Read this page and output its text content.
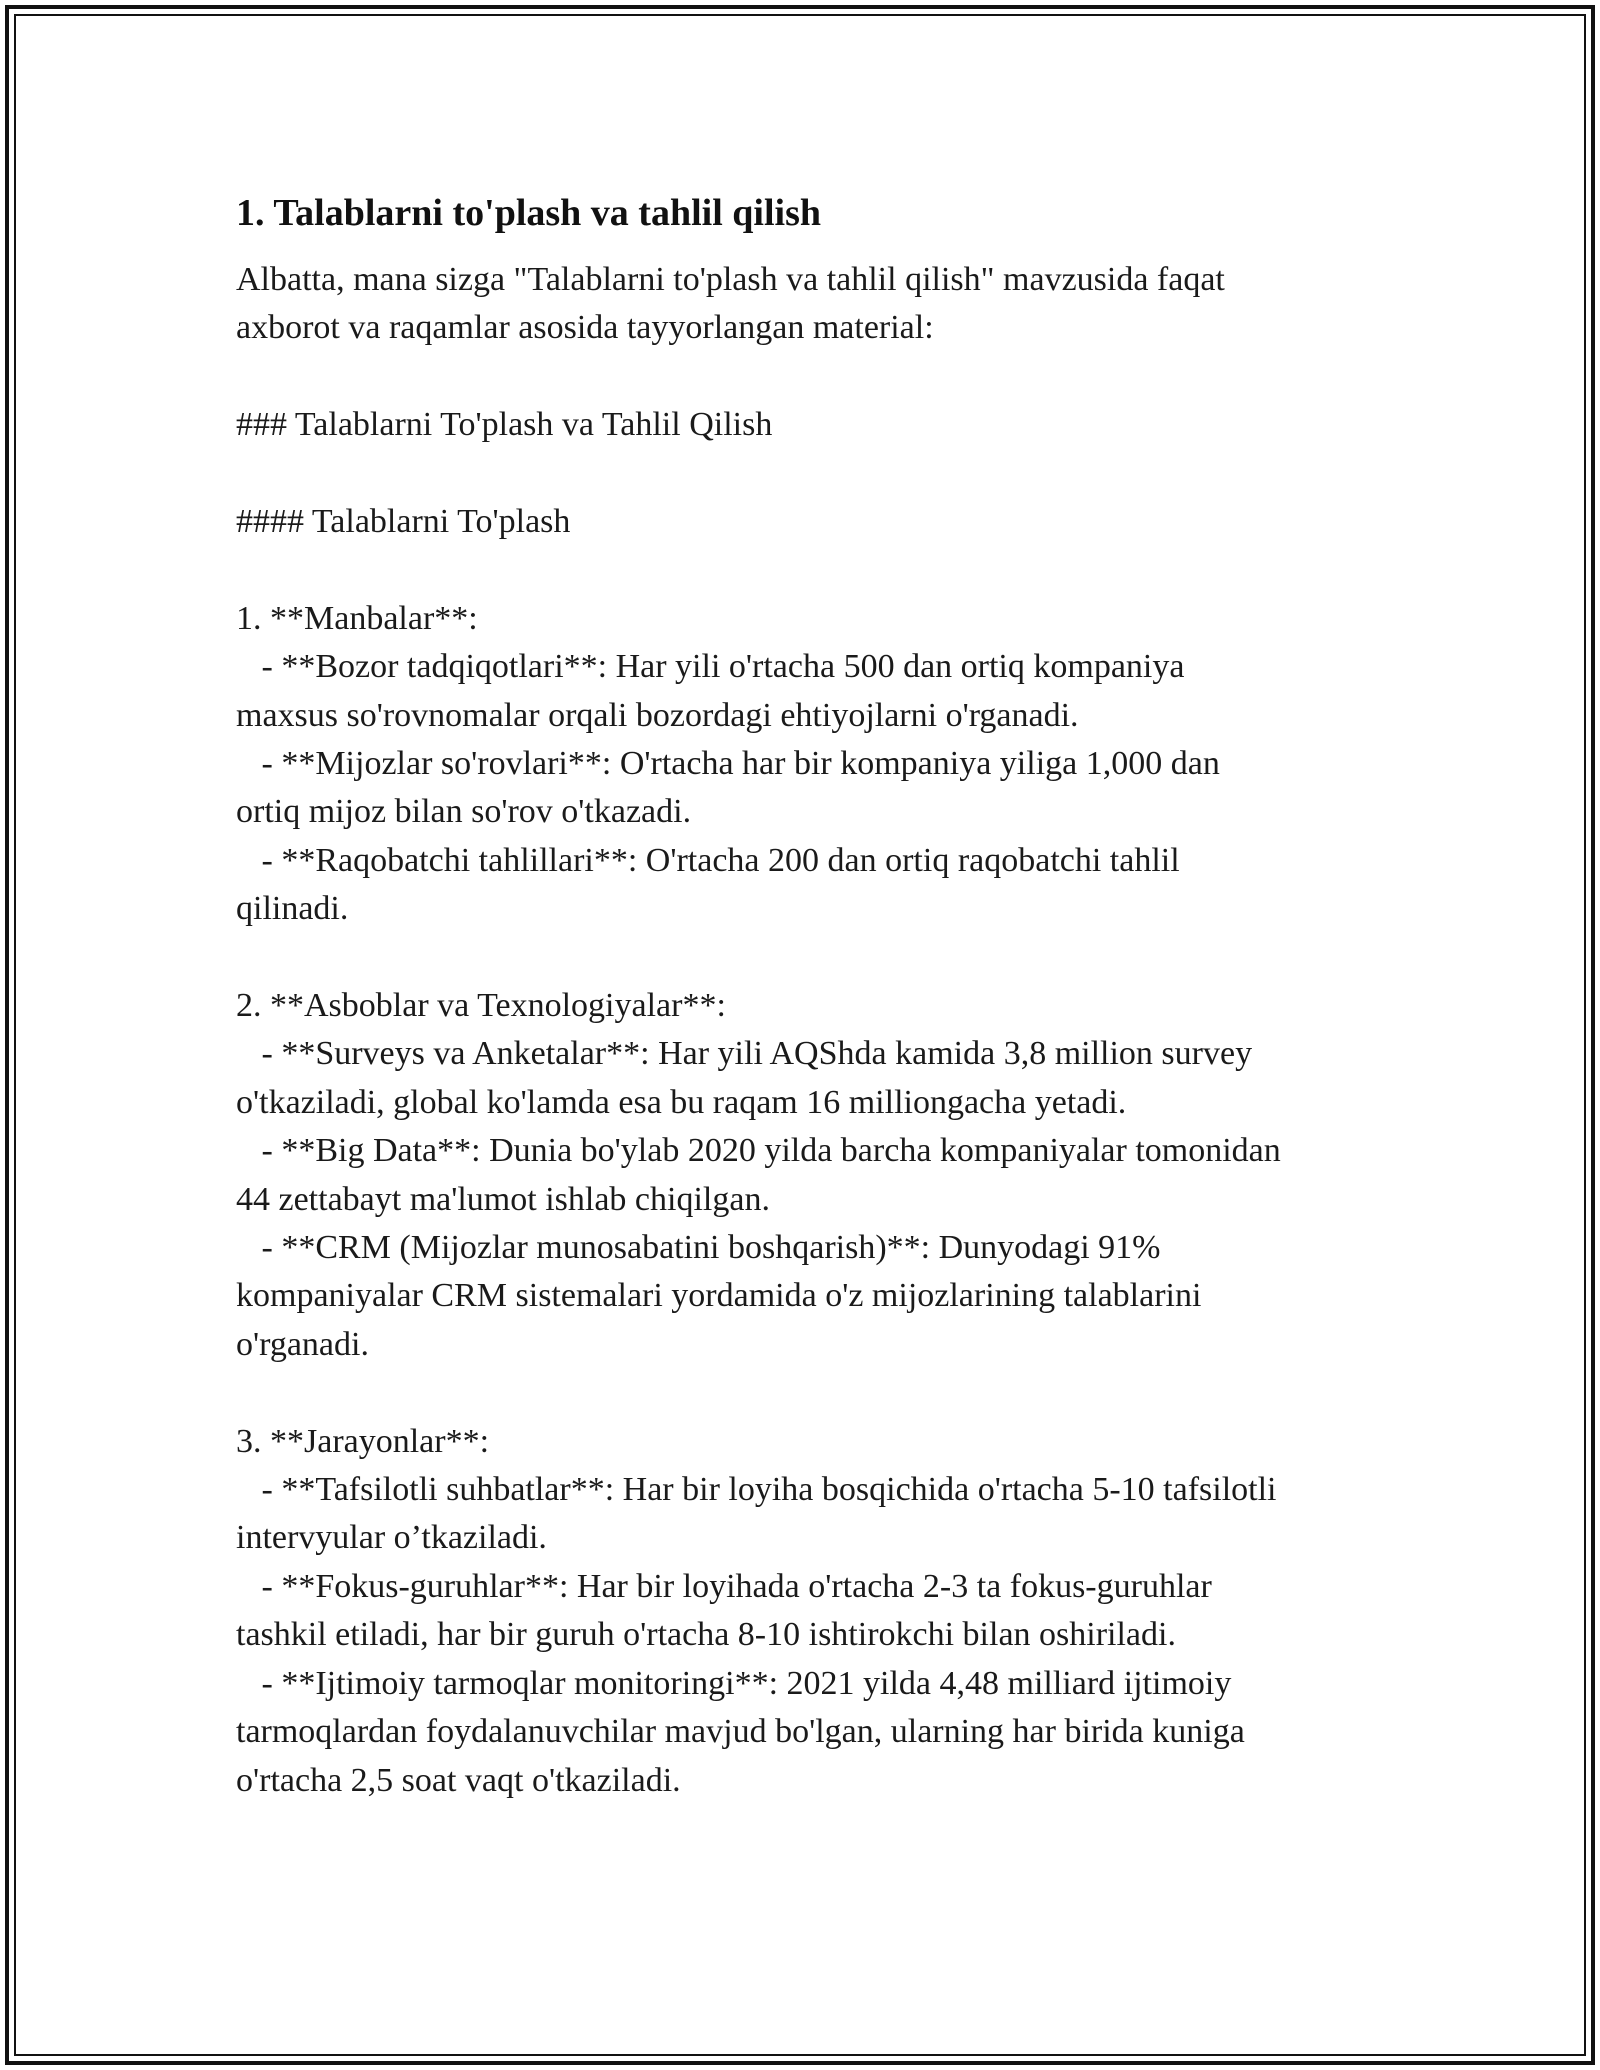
1. Talablarni to'plash va tahlil qilish
Albatta, mana sizga "Talablarni to'plash va tahlil qilish" mavzusida faqat
axborot va raqamlar asosida tayyorlangan material:
### Talablarni To'plash va Tahlil Qilish
#### Talablarni To'plash
1. **Manbalar**:
- **Bozor tadqiqotlari**: Har yili o'rtacha 500 dan ortiq kompaniya
maxsus so'rovnomalar orqali bozordagi ehtiyojlarni o'rganadi.
- **Mijozlar so'rovlari**: O'rtacha har bir kompaniya yiliga 1,000 dan
ortiq mijoz bilan so'rov o'tkazadi.
- **Raqobatchi tahlillari**: O'rtacha 200 dan ortiq raqobatchi tahlil
qilinadi.
2. **Asboblar va Texnologiyalar**:
- **Surveys va Anketalar**: Har yili AQShda kamida 3,8 million survey
o'tkaziladi, global ko'lamda esa bu raqam 16 milliongacha yetadi.
- **Big Data**: Dunia bo'ylab 2020 yilda barcha kompaniyalar tomonidan
44 zettabayt ma'lumot ishlab chiqilgan.
- **CRM (Mijozlar munosabatini boshqarish)**: Dunyodagi 91%
kompaniyalar CRM sistemalari yordamida o'z mijozlarining talablarini
o'rganadi.
3. **Jarayonlar**:
- **Tafsilotli suhbatlar**: Har bir loyiha bosqichida o'rtacha 5-10 tafsilotli
intervyular o’tkaziladi.
- **Fokus-guruhlar**: Har bir loyihada o'rtacha 2-3 ta fokus-guruhlar
tashkil etiladi, har bir guruh o'rtacha 8-10 ishtirokchi bilan oshiriladi.
- **Ijtimoiy tarmoqlar monitoringi**: 2021 yilda 4,48 milliard ijtimoiy
tarmoqlardan foydalanuvchilar mavjud bo'lgan, ularning har birida kuniga
o'rtacha 2,5 soat vaqt o'tkaziladi.
